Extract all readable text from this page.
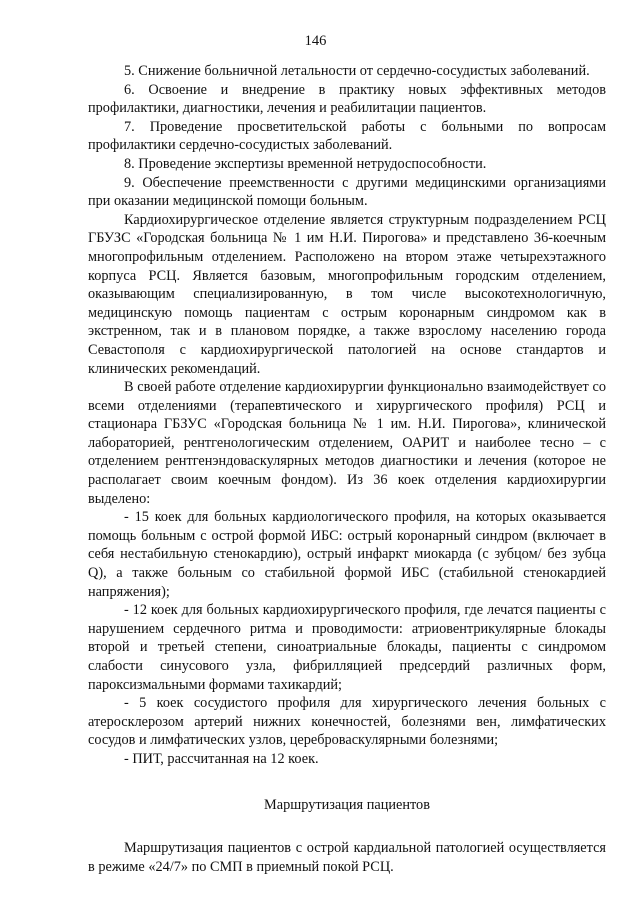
146

5. Снижение больничной летальности от сердечно-сосудистых заболеваний.

6. Освоение и внедрение в практику новых эффективных методов профилактики, диагностики, лечения и реабилитации пациентов.

7. Проведение просветительской работы с больными по вопросам профилактики сердечно-сосудистых заболеваний.

8. Проведение экспертизы временной нетрудоспособности.

9. Обеспечение преемственности с другими медицинскими организациями при оказании медицинской помощи больным.

Кардиохирургическое отделение является структурным подразделением РСЦ ГБУЗС «Городская больница № 1 им Н.И. Пирогова» и представлено 36-коечным многопрофильным отделением. Расположено на втором этаже четырехэтажного корпуса РСЦ. Является базовым, многопрофильным городским отделением, оказывающим специализированную, в том числе высокотехнологичную, медицинскую помощь пациентам с острым коронарным синдромом как в экстренном, так и в плановом порядке, а также взрослому населению города Севастополя с кардиохирургической патологией на основе стандартов и клинических рекомендаций.

В своей работе отделение кардиохирургии функционально взаимодействует со всеми отделениями (терапевтического и хирургического профиля) РСЦ и стационара ГБЗУС «Городская больница № 1 им. Н.И. Пирогова», клинической лабораторией, рентгенологическим отделением, ОАРИТ и наиболее тесно – с отделением рентгенэндоваскулярных методов диагностики и лечения (которое не располагает своим коечным фондом). Из 36 коек отделения кардиохирургии выделено:

- 15 коек для больных кардиологического профиля, на которых оказывается помощь больным с острой формой ИБС: острый коронарный синдром (включает в себя нестабильную стенокардию), острый инфаркт миокарда (с зубцом/ без зубца Q), а также больным со стабильной формой ИБС (стабильной стенокардией напряжения);

- 12 коек для больных кардиохирургического профиля, где лечатся пациенты с нарушением сердечного ритма и проводимости: атриовентрикулярные блокады второй и третьей степени, синоатриальные блокады, пациенты с синдромом слабости синусового узла, фибрилляцией предсердий различных форм, пароксизмальными формами тахикардий;

- 5 коек сосудистого профиля для хирургического лечения больных с атеросклерозом артерий нижних конечностей, болезнями вен, лимфатических сосудов и лимфатических узлов, цереброваскулярными болезнями;

- ПИТ, рассчитанная на 12 коек.

Маршрутизация пациентов

Маршрутизация пациентов с острой кардиальной патологией осуществляется в режиме «24/7» по СМП в приемный покой РСЦ.
